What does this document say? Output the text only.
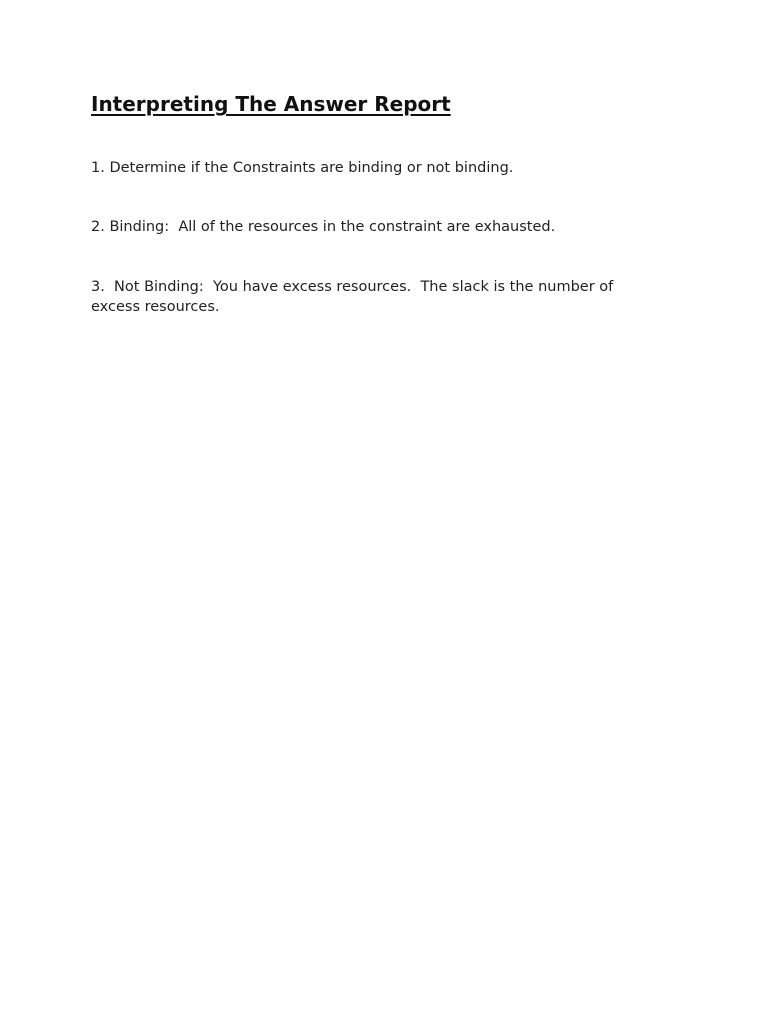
Interpreting The Answer Report

1. Determine if the Constraints are binding or not binding.

2. Binding:  All of the resources in the constraint are exhausted.

3.  Not Binding:  You have excess resources.  The slack is the number of excess resources.
